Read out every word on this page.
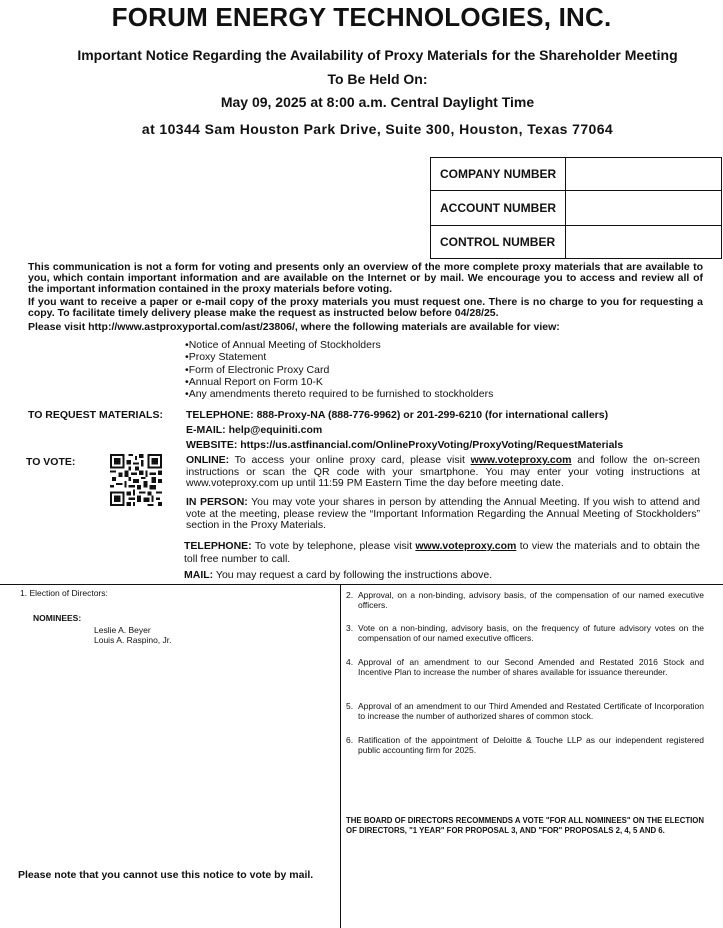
FORUM ENERGY TECHNOLOGIES, INC.
Important Notice Regarding the Availability of Proxy Materials for the Shareholder Meeting
To Be Held On:
May 09, 2025 at 8:00 a.m. Central Daylight Time
at 10344 Sam Houston Park Drive, Suite 300, Houston, Texas 77064
COMPANY NUMBER	
ACCOUNT NUMBER	
CONTROL NUMBER	
This communication is not a form for voting and presents only an overview of the more complete proxy materials that are available to you, which contain important information and are available on the Internet or by mail. We encourage you to access and review all of the important information contained in the proxy materials before voting.
If you want to receive a paper or e-mail copy of the proxy materials you must request one. There is no charge to you for requesting a copy. To facilitate timely delivery please make the request as instructed below before 04/28/25.
Please visit http://www.astproxyportal.com/ast/23806/, where the following materials are available for view:
• Notice of Annual Meeting of Stockholders
• Proxy Statement
• Form of Electronic Proxy Card
• Annual Report on Form 10-K
• Any amendments thereto required to be furnished to stockholders
TO REQUEST MATERIALS: TELEPHONE: 888-Proxy-NA (888-776-9962) or 201-299-6210 (for international callers)
E-MAIL: help@equiniti.com
WEBSITE: https://us.astfinancial.com/OnlineProxyVoting/ProxyVoting/RequestMaterials
TO VOTE:	ONLINE: To access your online proxy card, please visit www.voteproxy.com and follow the on-screen instructions or scan the QR code with your smartphone. You may enter your voting instructions at www.voteproxy.com up until 11:59 PM Eastern Time the day before meeting date.
IN PERSON: You may vote your shares in person by attending the Annual Meeting. If you wish to attend and vote at the meeting, please review the “Important Information Regarding the Annual Meeting of Stockholders” section in the Proxy Materials.
TELEPHONE: To vote by telephone, please visit www.voteproxy.com to view the materials and to obtain the toll free number to call.
MAIL: You may request a card by following the instructions above.
1. Election of Directors:
NOMINEES:
Leslie A. Beyer
Louis A. Raspino, Jr.
2. Approval, on a non-binding, advisory basis, of the compensation of our named executive officers.
3. Vote on a non-binding, advisory basis, on the frequency of future advisory votes on the compensation of our named executive officers.
4. Approval of an amendment to our Second Amended and Restated 2016 Stock and Incentive Plan to increase the number of shares available for issuance thereunder.
5. Approval of an amendment to our Third Amended and Restated Certificate of Incorporation to increase the number of authorized shares of common stock.
6. Ratification of the appointment of Deloitte & Touche LLP as our independent registered public accounting firm for 2025.
THE BOARD OF DIRECTORS RECOMMENDS A VOTE "FOR ALL NOMINEES" ON THE ELECTION OF DIRECTORS, "1 YEAR" FOR PROPOSAL 3, AND "FOR" PROPOSALS 2, 4, 5 AND 6.
Please note that you cannot use this notice to vote by mail.
